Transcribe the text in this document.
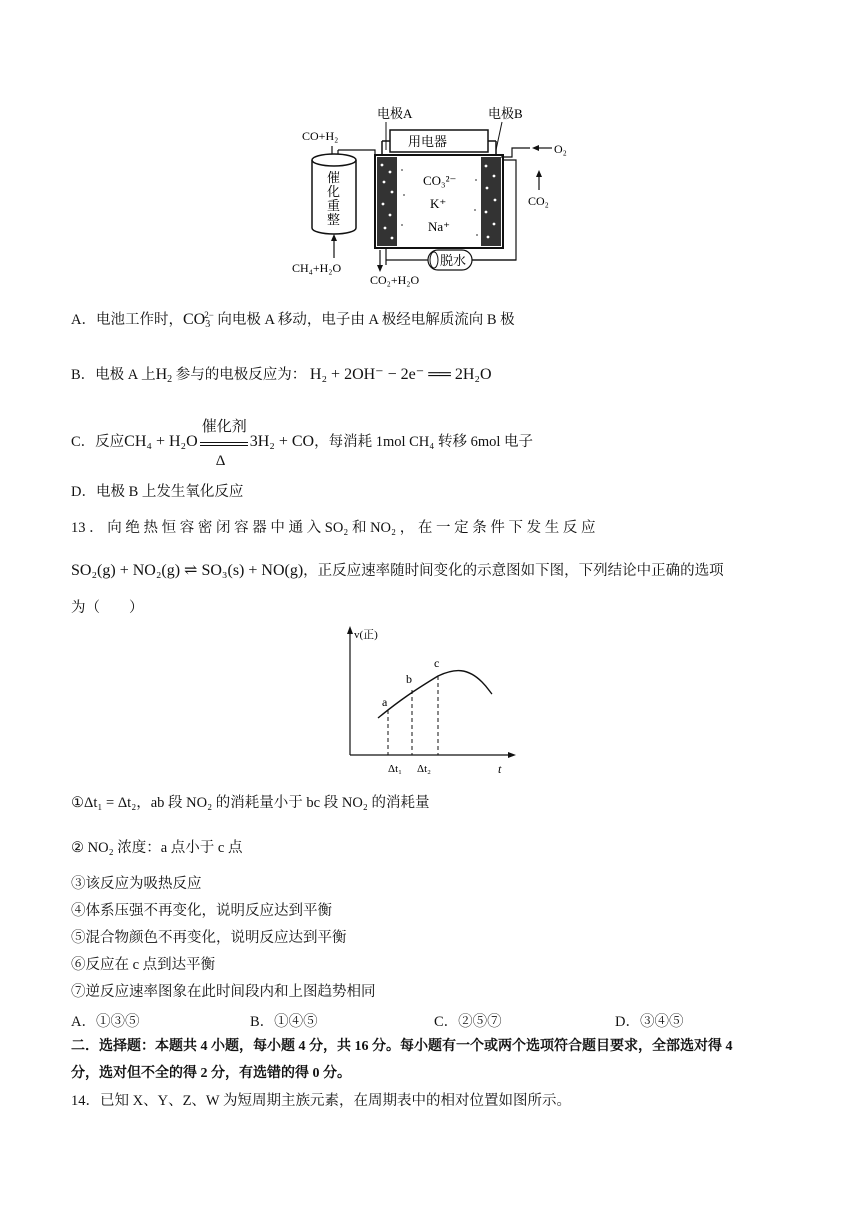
电极A	电极B
用电器
CO₃²⁻
K⁺
Na⁺
催化重整
CO+H₂
CH₄+H₂O
O₂
CO₂
脱水
CO₂+H₂O
A．电池工作时，$CO_3^{2-}$ 向电极 A 移动，电子由 A 极经电解质流向 B 极
B．电极 A 上$H_2$ 参与的电极反应为： H₂ + 2OH⁻ − 2e⁻ ══ 2H₂O
C．反应CH₄ + H₂O
催化剂
Δ
3H₂ + CO，每消耗 1mol CH₄ 转移 6mol 电子
D．电极 B 上发生氧化反应
13 ． 向 绝 热 恒 容 密 闭 容 器 中 通 入 SO₂ 和 NO₂ ， 在 一 定 条 件 下 发 生 反 应
SO₂(g) + NO₂(g) ⇌ SO₃(s) + NO(g)，正反应速率随时间变化的示意图如下图，下列结论中正确的选项
为（　　）
v(正)
t
a
b
c
Δt₁ Δt₂
①Δt₁ = Δt₂，ab 段 NO₂ 的消耗量小于 bc 段 NO₂ 的消耗量
② NO₂ 浓度：a 点小于 c 点
③该反应为吸热反应
④体系压强不再变化，说明反应达到平衡
⑤混合物颜色不再变化，说明反应达到平衡
⑥反应在 c 点到达平衡
⑦逆反应速率图象在此时间段内和上图趋势相同
A．①③⑤	B．①④⑤	C．②⑤⑦	D．③④⑤
二．选择题：本题共 4 小题，每小题 4 分，共 16 分。每小题有一个或两个选项符合题目要求，全部选对得 4
分，选对但不全的得 2 分，有选错的得 0 分。
14．已知 X、Y、Z、W 为短周期主族元素，在周期表中的相对位置如图所示。
